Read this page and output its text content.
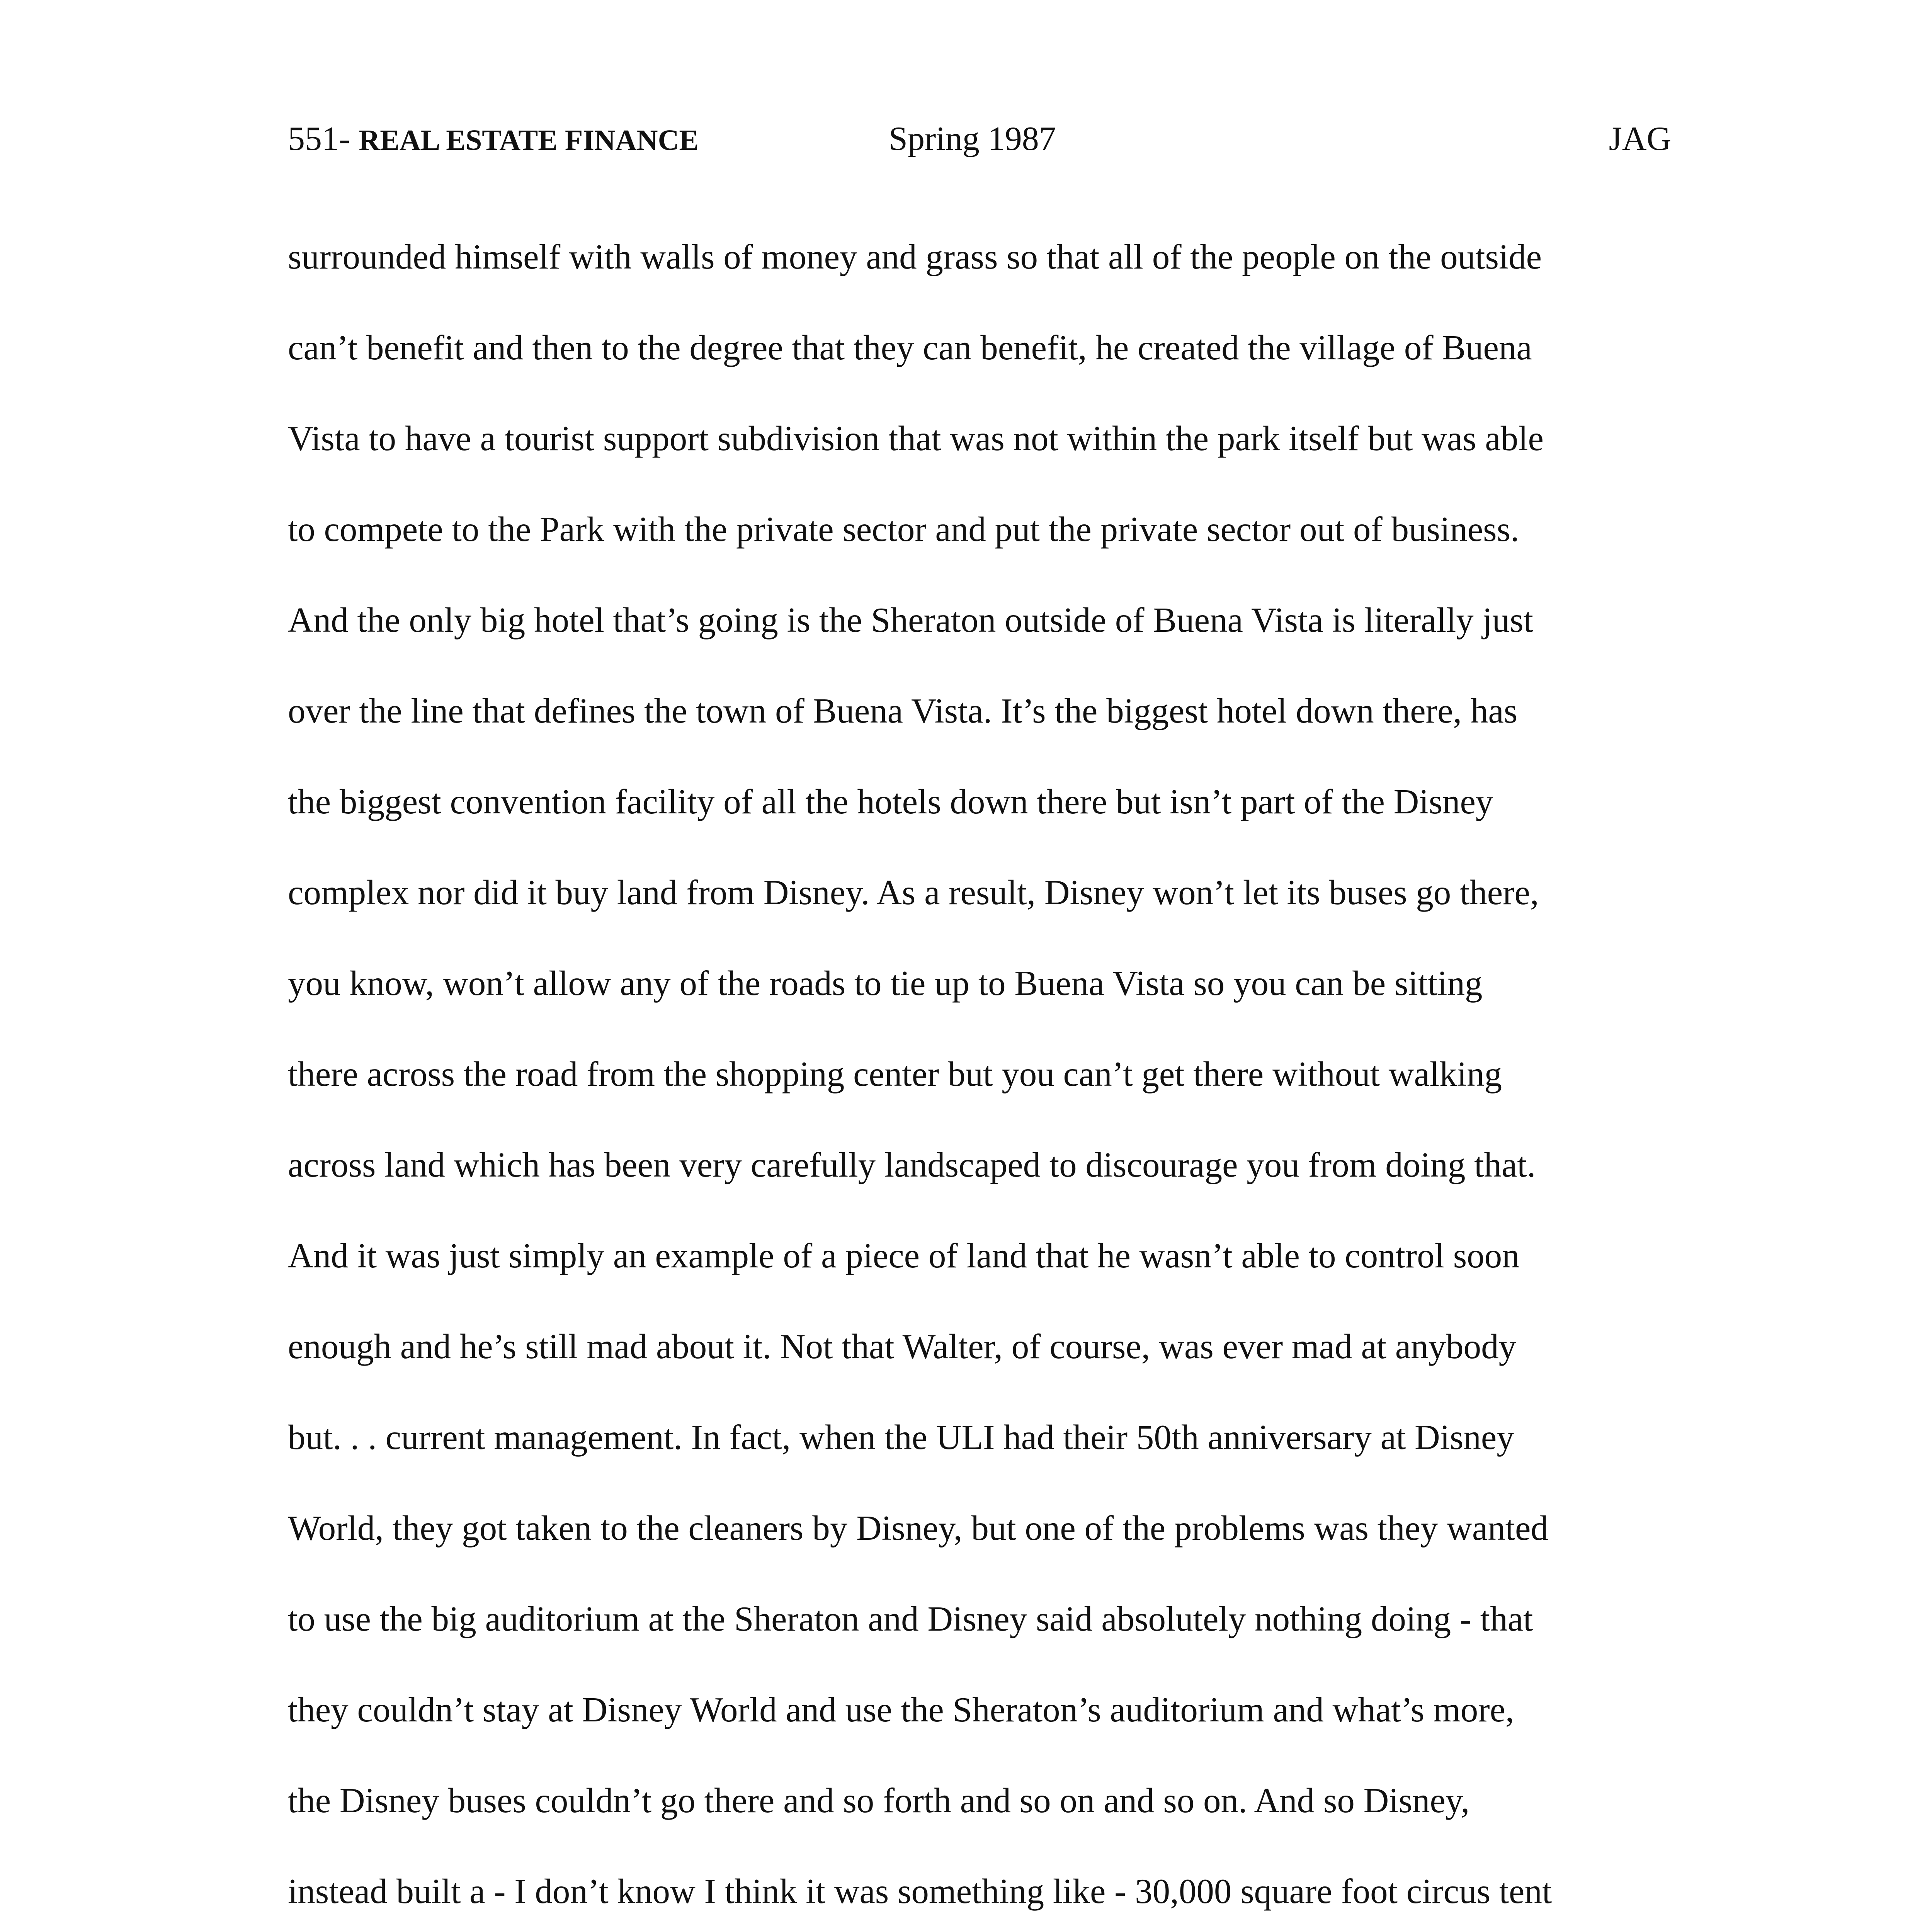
551- REAL ESTATE FINANCE	Spring 1987	JAG
surrounded himself with walls of money and grass so that all of the people on the outside
can’t benefit and then to the degree that they can benefit, he created the village of Buena
Vista to have a tourist support subdivision that was not within the park itself but was able
to compete to the Park with the private sector and put the private sector out of business.
And the only big hotel that’s going is the Sheraton outside of Buena Vista is literally just
over the line that defines the town of Buena Vista. It’s the biggest hotel down there, has
the biggest convention facility of all the hotels down there but isn’t part of the Disney
complex nor did it buy land from Disney. As a result, Disney won’t let its buses go there,
you know, won’t allow any of the roads to tie up to Buena Vista so you can be sitting
there across the road from the shopping center but you can’t get there without walking
across land which has been very carefully landscaped to discourage you from doing that.
And it was just simply an example of a piece of land that he wasn’t able to control soon
enough and he’s still mad about it. Not that Walter, of course, was ever mad at anybody
but. . . current management. In fact, when the ULI had their 50th anniversary at Disney
World, they got taken to the cleaners by Disney, but one of the problems was they wanted
to use the big auditorium at the Sheraton and Disney said absolutely nothing doing - that
they couldn’t stay at Disney World and use the Sheraton’s auditorium and what’s more,
the Disney buses couldn’t go there and so forth and so on and so on. And so Disney,
instead built a - I don’t know I think it was something like - 30,000 square foot circus tent
